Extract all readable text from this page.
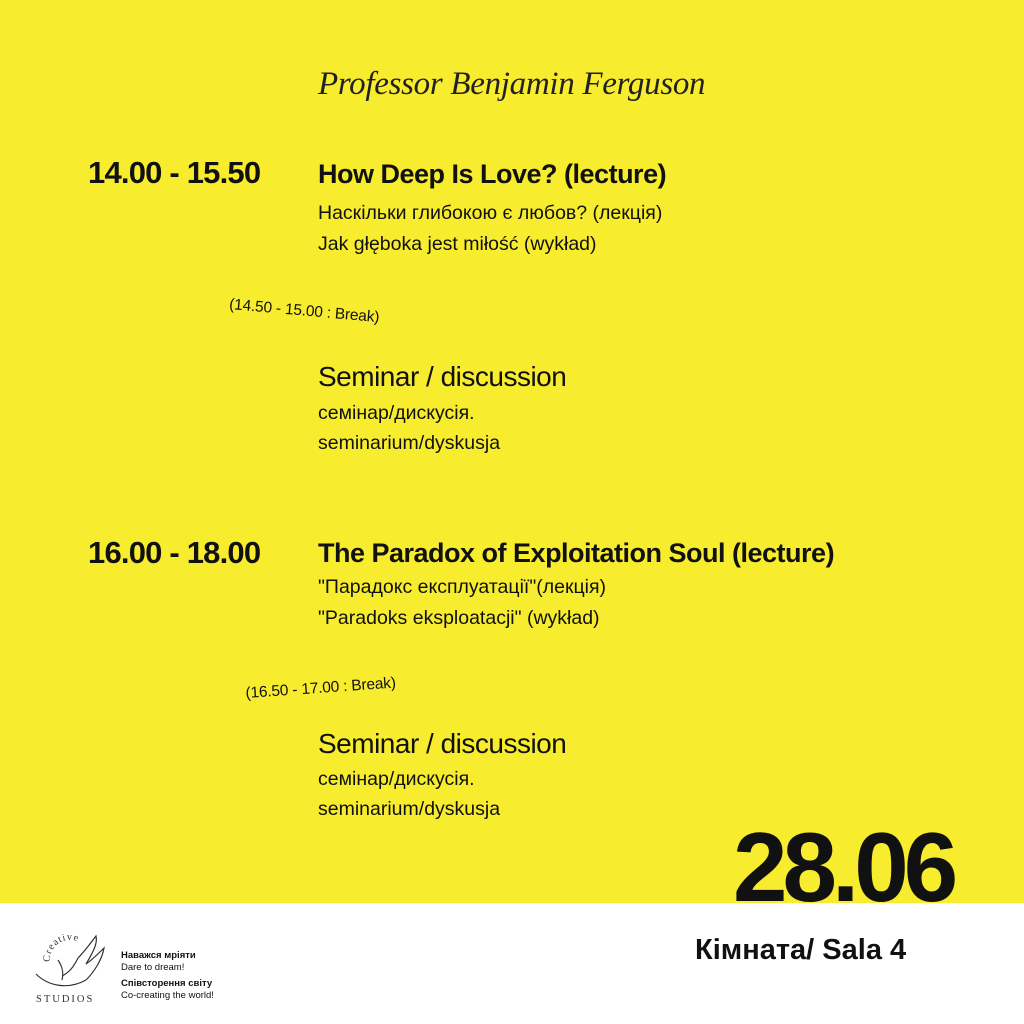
Professor Benjamin Ferguson
14.00 - 15.50 How Deep Is Love? (lecture)
Наскільки глибокою є любов? (лекція)
Jak głęboka jest miłość (wykład)
(14.50 - 15.00 : Break)
Seminar / discussion
семінар/дискусія.
seminarium/dyskusja
16.00 - 18.00 The Paradox of Exploitation Soul (lecture)
"Парадокс експлуатації"(лекція)
"Paradoks eksploatacji" (wykład)
(16.50 - 17.00 : Break)
Seminar / discussion
семінар/дискусія.
seminarium/dyskusja
28.06
Кімната/ Sala 4
Creative
STUDIOS
Наважся мріяти
Dare to dream!
Співсторення світу
Co-creating the world!
